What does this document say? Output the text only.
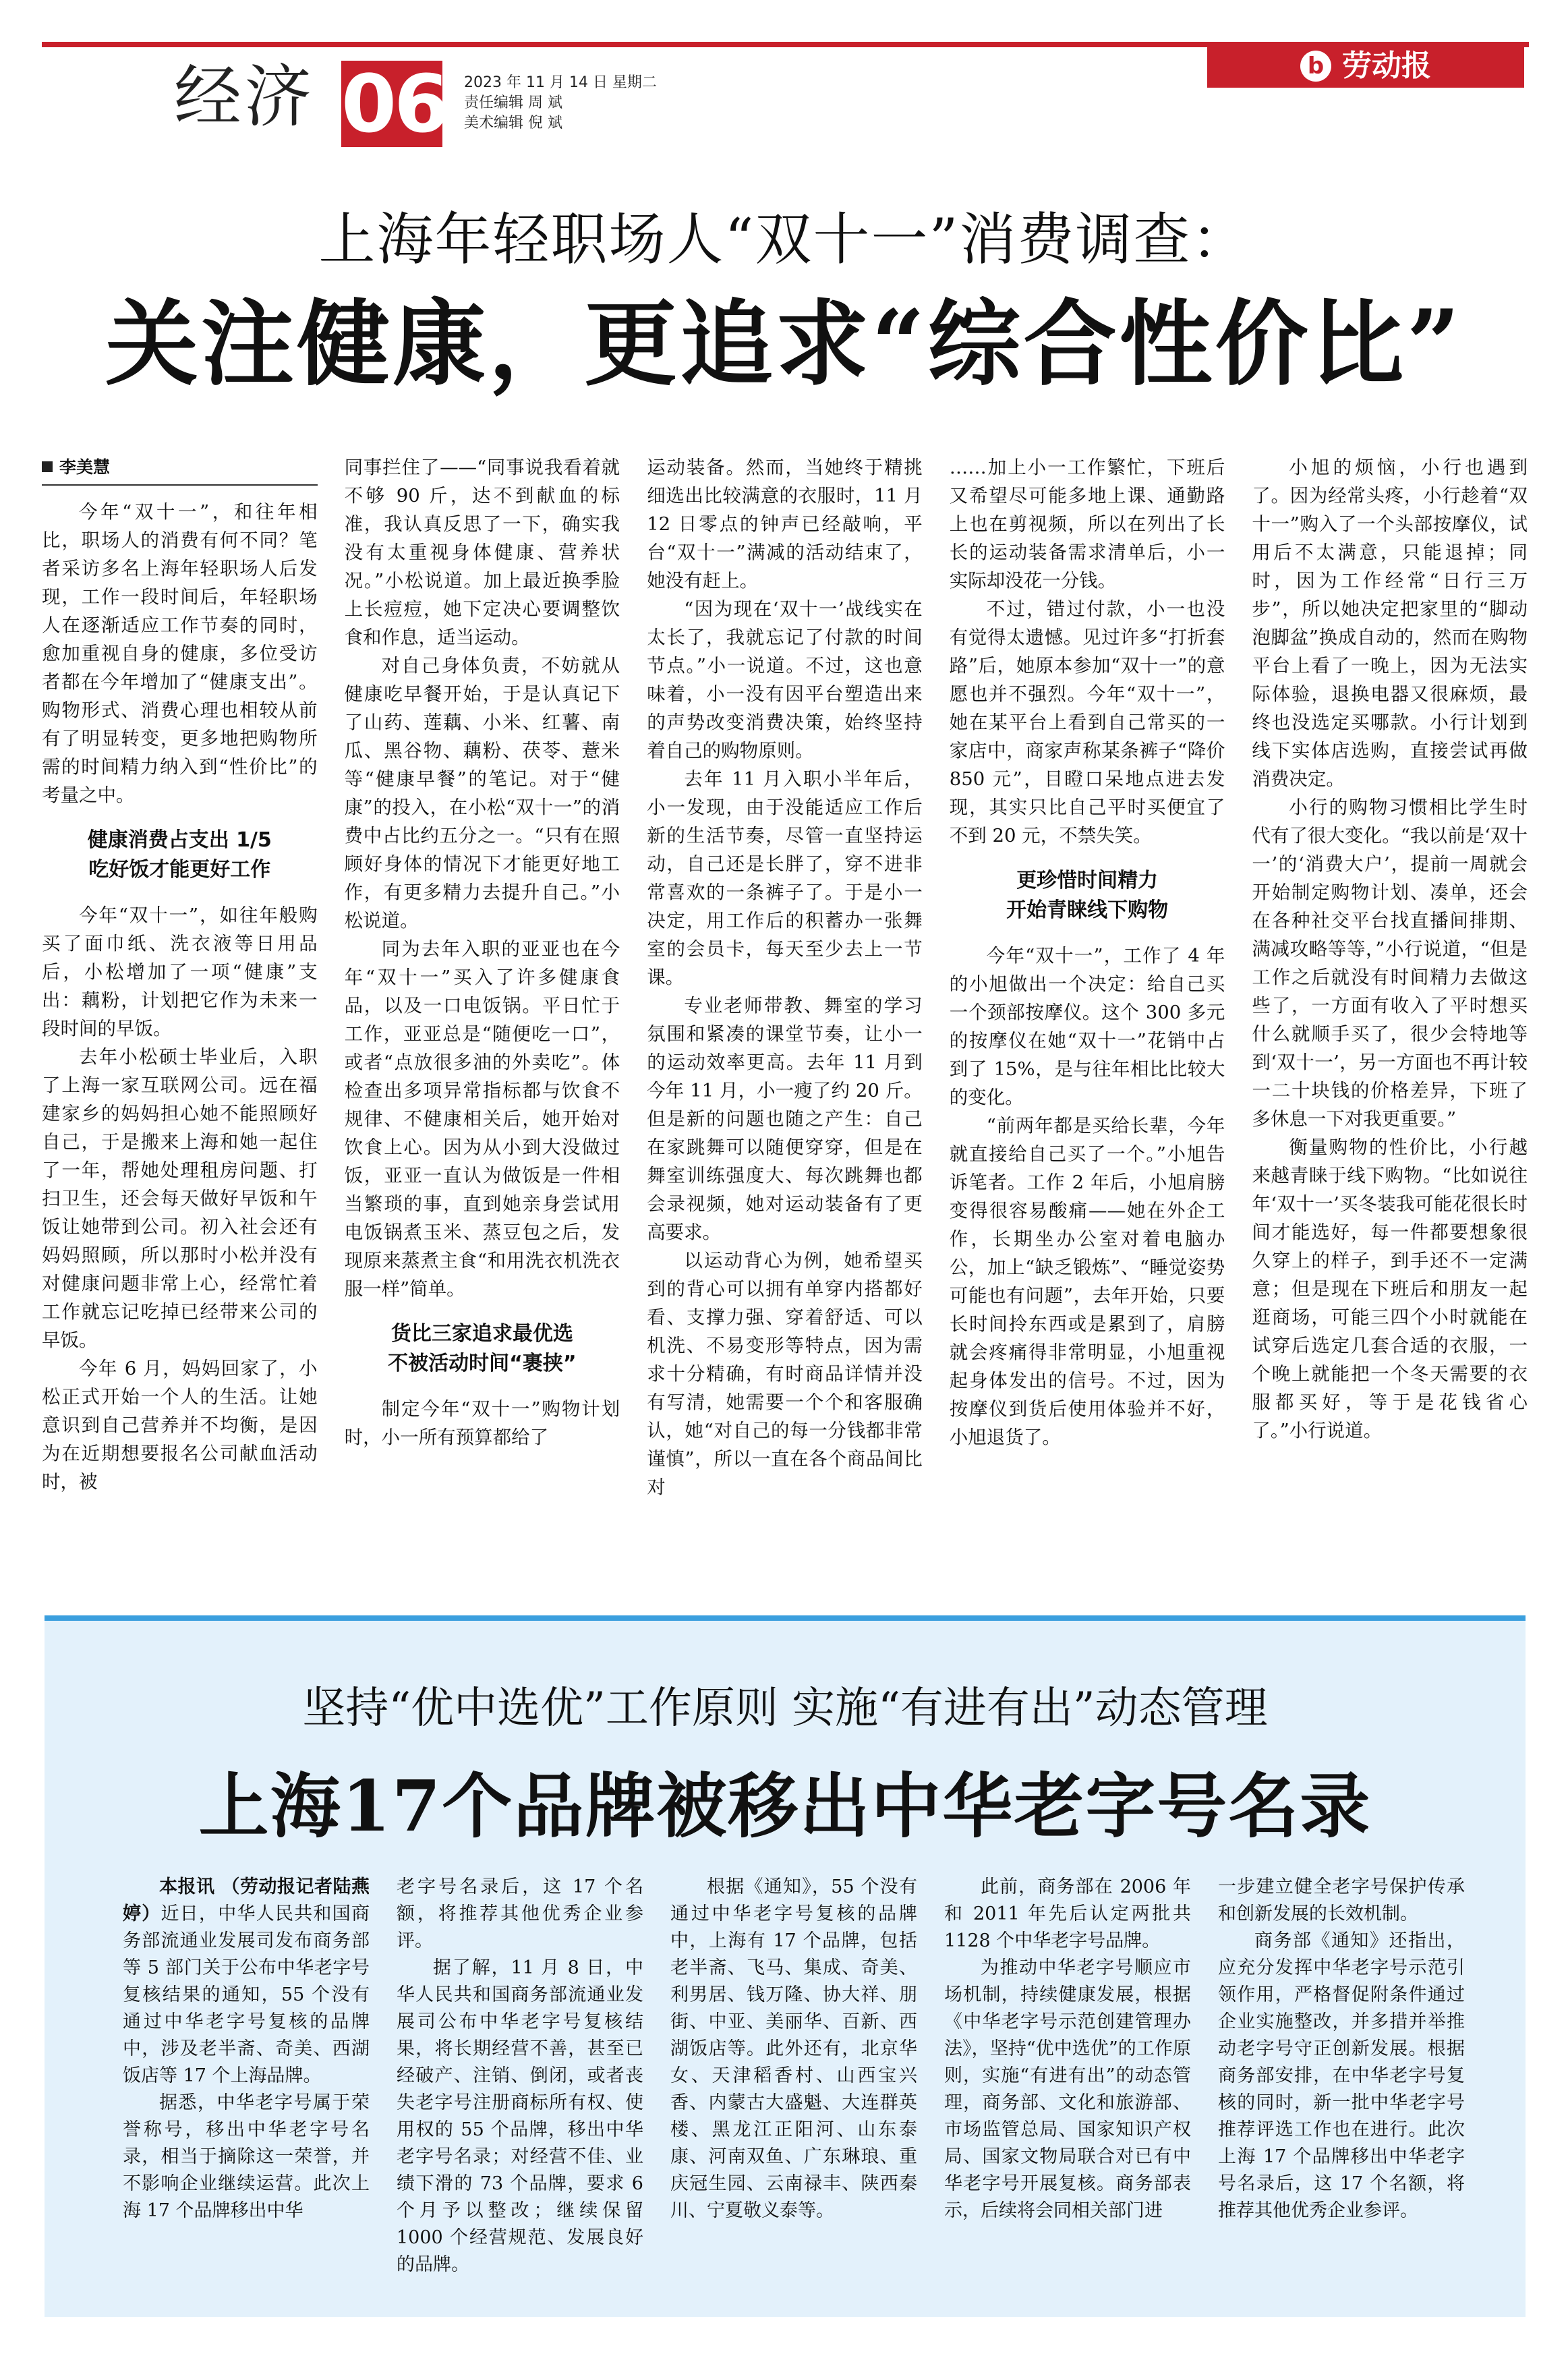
经济 06 2023 年 11 月 14 日 星期二
责任编辑 周 斌
美术编辑 倪 斌
b 劳动报
上海年轻职场人“双十一”消费调查：
关注健康，更追求“综合性价比”
李美慧

今年“双十一”，和往年相比，职场人的消费有何不同？笔者采访多名上海年轻职场人后发现，工作一段时间后，年轻职场人在逐渐适应工作节奏的同时，愈加重视自身的健康，多位受访者都在今年增加了“健康支出”。购物形式、消费心理也相较从前有了明显转变，更多地把购物所需的时间精力纳入到“性价比”的考量之中。

健康消费占支出 1/5
吃好饭才能更好工作

今年“双十一”，如往年般购买了面巾纸、洗衣液等日用品后，小松增加了一项“健康”支出：藕粉，计划把它作为未来一段时间的早饭。

去年小松硕士毕业后，入职了上海一家互联网公司。远在福建家乡的妈妈担心她不能照顾好自己，于是搬来上海和她一起住了一年，帮她处理租房问题、打扫卫生，还会每天做好早饭和午饭让她带到公司。初入社会还有妈妈照顾，所以那时小松并没有对健康问题非常上心，经常忙着工作就忘记吃掉已经带来公司的早饭。

今年 6 月，妈妈回家了，小松正式开始一个人的生活。让她意识到自己营养并不均衡，是因为在近期想要报名公司献血活动时，被

同事拦住了——“同事说我看着就不够 90 斤，达不到献血的标准，我认真反思了一下，确实我没有太重视身体健康、营养状况。”小松说道。加上最近换季脸上长痘痘，她下定决心要调整饮食和作息，适当运动。

对自己身体负责，不妨就从健康吃早餐开始，于是认真记下了山药、莲藕、小米、红薯、南瓜、黑谷物、藕粉、茯苓、薏米等“健康早餐”的笔记。对于“健康”的投入，在小松“双十一”的消费中占比约五分之一。“只有在照顾好身体的情况下才能更好地工作，有更多精力去提升自己。”小松说道。

同为去年入职的亚亚也在今年“双十一”买入了许多健康食品，以及一口电饭锅。平日忙于工作，亚亚总是“随便吃一口”，或者“点放很多油的外卖吃”。体检查出多项异常指标都与饮食不规律、不健康相关后，她开始对饮食上心。因为从小到大没做过饭，亚亚一直认为做饭是一件相当繁琐的事，直到她亲身尝试用电饭锅煮玉米、蒸豆包之后，发现原来蒸煮主食“和用洗衣机洗衣服一样”简单。

货比三家追求最优选
不被活动时间“裹挟”

制定今年“双十一”购物计划时，小一所有预算都给了

运动装备。然而，当她终于精挑细选出比较满意的衣服时，11 月 12 日零点的钟声已经敲响，平台“双十一”满减的活动结束了，她没有赶上。

“因为现在‘双十一’战线实在太长了，我就忘记了付款的时间节点。”小一说道。不过，这也意味着，小一没有因平台塑造出来的声势改变消费决策，始终坚持着自己的购物原则。

去年 11 月入职小半年后，小一发现，由于没能适应工作后新的生活节奏，尽管一直坚持运动，自己还是长胖了，穿不进非常喜欢的一条裤子了。于是小一决定，用工作后的积蓄办一张舞室的会员卡，每天至少去上一节课。

专业老师带教、舞室的学习氛围和紧凑的课堂节奏，让小一的运动效率更高。去年 11 月到今年 11 月，小一瘦了约 20 斤。但是新的问题也随之产生：自己在家跳舞可以随便穿穿，但是在舞室训练强度大、每次跳舞也都会录视频，她对运动装备有了更高要求。

以运动背心为例，她希望买到的背心可以拥有单穿内搭都好看、支撑力强、穿着舒适、可以机洗、不易变形等特点，因为需求十分精确，有时商品详情并没有写清，她需要一个个和客服确认，她“对自己的每一分钱都非常谨慎”，所以一直在各个商品间比对

……加上小一工作繁忙，下班后又希望尽可能多地上课、通勤路上也在剪视频，所以在列出了长长的运动装备需求清单后，小一实际却没花一分钱。

不过，错过付款，小一也没有觉得太遗憾。见过许多“打折套路”后，她原本参加“双十一”的意愿也并不强烈。今年“双十一”，她在某平台上看到自己常买的一家店中，商家声称某条裤子“降价 850 元”，目瞪口呆地点进去发现，其实只比自己平时买便宜了不到 20 元，不禁失笑。

更珍惜时间精力
开始青睐线下购物

今年“双十一”，工作了 4 年的小旭做出一个决定：给自己买一个颈部按摩仪。这个 300 多元的按摩仪在她“双十一”花销中占到了 15%，是与往年相比比较大的变化。

“前两年都是买给长辈，今年就直接给自己买了一个。”小旭告诉笔者。工作 2 年后，小旭肩膀变得很容易酸痛——她在外企工作，长期坐办公室对着电脑办公，加上“缺乏锻炼”、“睡觉姿势可能也有问题”，去年开始，只要长时间拎东西或是累到了，肩膀就会疼痛得非常明显，小旭重视起身体发出的信号。不过，因为按摩仪到货后使用体验并不好，小旭退货了。

小旭的烦恼，小行也遇到了。因为经常头疼，小行趁着“双十一”购入了一个头部按摩仪，试用后不太满意，只能退掉；同时，因为工作经常“日行三万步”，所以她决定把家里的“脚动泡脚盆”换成自动的，然而在购物平台上看了一晚上，因为无法实际体验，退换电器又很麻烦，最终也没选定买哪款。小行计划到线下实体店选购，直接尝试再做消费决定。

小行的购物习惯相比学生时代有了很大变化。“我以前是‘双十一’的‘消费大户’，提前一周就会开始制定购物计划、凑单，还会在各种社交平台找直播间排期、满减攻略等等，”小行说道，“但是工作之后就没有时间精力去做这些了，一方面有收入了平时想买什么就顺手买了，很少会特地等到‘双十一’，另一方面也不再计较一二十块钱的价格差异，下班了多休息一下对我更重要。”

衡量购物的性价比，小行越来越青睐于线下购物。“比如说往年‘双十一’买冬装我可能花很长时间才能选好，每一件都要想象很久穿上的样子，到手还不一定满意；但是现在下班后和朋友一起逛商场，可能三四个小时就能在试穿后选定几套合适的衣服，一个晚上就能把一个冬天需要的衣服都买好，等于是花钱省心了。”小行说道。

坚持“优中选优”工作原则 实施“有进有出”动态管理
上海17个品牌被移出中华老字号名录

本报讯 （劳动报记者陆燕婷）近日，中华人民共和国商务部流通业发展司发布商务部等 5 部门关于公布中华老字号复核结果的通知，55 个没有通过中华老字号复核的品牌中，涉及老半斋、奇美、西湖饭店等 17 个上海品牌。

据悉，中华老字号属于荣誉称号，移出中华老字号名录，相当于摘除这一荣誉，并不影响企业继续运营。此次上海 17 个品牌移出中华

老字号名录后，这 17 个名额，将推荐其他优秀企业参评。

据了解，11 月 8 日，中华人民共和国商务部流通业发展司公布中华老字号复核结果，将长期经营不善，甚至已经破产、注销、倒闭，或者丧失老字号注册商标所有权、使用权的 55 个品牌，移出中华老字号名录；对经营不佳、业绩下滑的 73 个品牌，要求 6 个月予以整改；继续保留 1000 个经营规范、发展良好的品牌。

根据《通知》，55 个没有通过中华老字号复核的品牌中，上海有 17 个品牌，包括老半斋、飞马、集成、奇美、利男居、钱万隆、协大祥、朋街、中亚、美丽华、百新、西湖饭店等。此外还有，北京华女、天津稻香村、山西宝兴香、内蒙古大盛魁、大连群英楼、黑龙江正阳河、山东泰康、河南双鱼、广东琳琅、重庆冠生园、云南禄丰、陕西秦川、宁夏敬义泰等。

此前，商务部在 2006 年和 2011 年先后认定两批共 1128 个中华老字号品牌。

为推动中华老字号顺应市场机制，持续健康发展，根据《中华老字号示范创建管理办法》，坚持“优中选优”的工作原则，实施“有进有出”的动态管理，商务部、文化和旅游部、市场监管总局、国家知识产权局、国家文物局联合对已有中华老字号开展复核。商务部表示，后续将会同相关部门进

一步建立健全老字号保护传承和创新发展的长效机制。

商务部《通知》还指出，应充分发挥中华老字号示范引领作用，严格督促附条件通过企业实施整改，并多措并举推动老字号守正创新发展。根据商务部安排，在中华老字号复核的同时，新一批中华老字号推荐评选工作也在进行。此次上海 17 个品牌移出中华老字号名录后，这 17 个名额，将推荐其他优秀企业参评。
